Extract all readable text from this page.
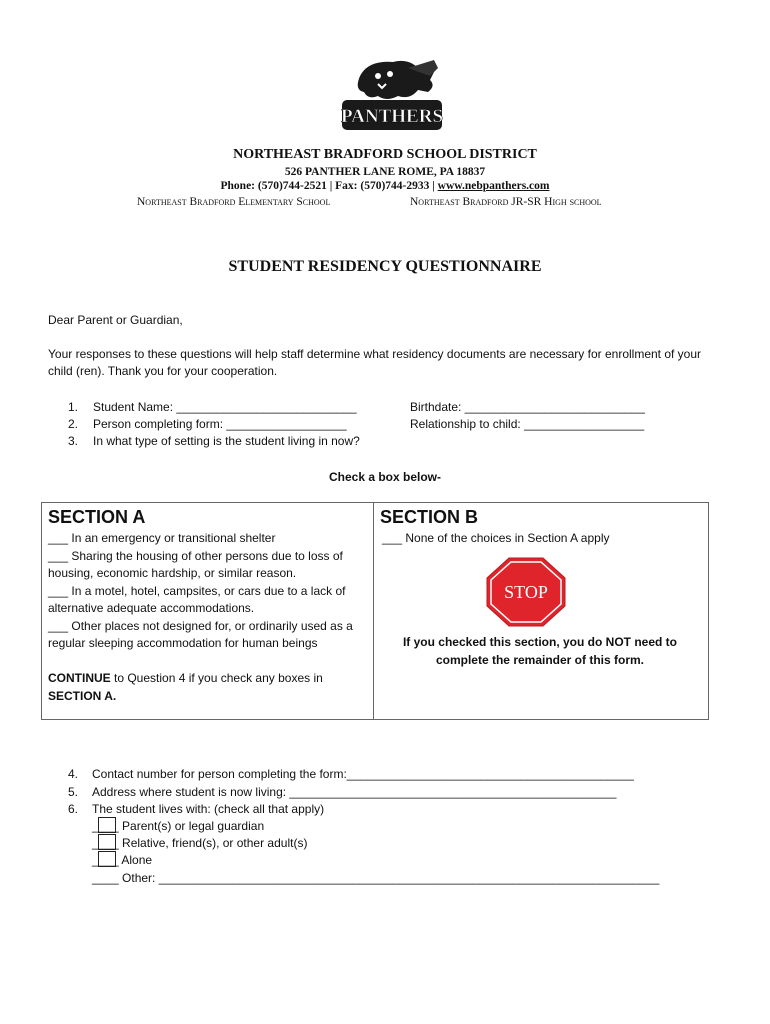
PANTHERS
NORTHEAST BRADFORD SCHOOL DISTRICT
526 PANTHER LANE ROME, PA 18837
Phone: (570)744-2521 | Fax: (570)744-2933 | www.nebpanthers.com
Northeast Bradford Elementary School	Northeast Bradford JR-SR High school
STUDENT RESIDENCY QUESTIONNAIRE
Dear Parent or Guardian,
Your responses to these questions will help staff determine what residency documents are necessary for enrollment of your child (ren). Thank you for your cooperation.
1. Student Name: ___________________________
2. Person completing form: __________________
3. In what type of setting is the student living in now?
Birthdate: ___________________________
Relationship to child: __________________
Check a box below-
SECTION A
___ In an emergency or transitional shelter
___ Sharing the housing of other persons due to loss of housing, economic hardship, or similar reason.
___ In a motel, hotel, campsites, or cars due to a lack of alternative adequate accommodations.
___ Other places not designed for, or ordinarily used as a regular sleeping accommodation for human beings
CONTINUE to Question 4 if you check any boxes in SECTION A.
SECTION B
___ None of the choices in Section A apply
STOP
If you checked this section, you do NOT need to complete the remainder of this form.
4. Contact number for person completing the form:___________________________________________
5. Address where student is now living: _________________________________________________
6. The student lives with: (check all that apply)
____ Parent(s) or legal guardian
____ Relative, friend(s), or other adult(s)
____ Alone
____ Other: ___________________________________________________________________________
